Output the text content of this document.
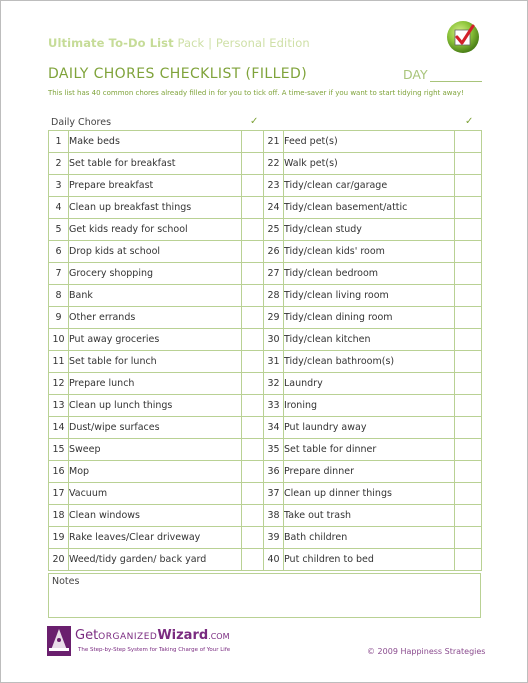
Ultimate To-Do List Pack | Personal Edition
DAILY CHORES CHECKLIST (FILLED)	DAY
This list has 40 common chores already filled in for you to tick off. A time-saver if you want to start tidying right away!
Daily Chores	✓	✓
1	Make beds		21	Feed pet(s)	
2	Set table for breakfast		22	Walk pet(s)	
3	Prepare breakfast		23	Tidy/clean car/garage	
4	Clean up breakfast things		24	Tidy/clean basement/attic	
5	Get kids ready for school		25	Tidy/clean study	
6	Drop kids at school		26	Tidy/clean kids' room	
7	Grocery shopping		27	Tidy/clean bedroom	
8	Bank		28	Tidy/clean living room	
9	Other errands		29	Tidy/clean dining room	
10	Put away groceries		30	Tidy/clean kitchen	
11	Set table for lunch		31	Tidy/clean bathroom(s)	
12	Prepare lunch		32	Laundry	
13	Clean up lunch things		33	Ironing	
14	Dust/wipe surfaces		34	Put laundry away	
15	Sweep		35	Set table for dinner	
16	Mop		36	Prepare dinner	
17	Vacuum		37	Clean up dinner things	
18	Clean windows		38	Take out trash	
19	Rake leaves/Clear driveway		39	Bath children	
20	Weed/tidy garden/ back yard		40	Put children to bed	
Notes
GetORGANIZEDWizard.COM
The Step-by-Step System for Taking Charge of Your Life	© 2009 Happiness Strategies
